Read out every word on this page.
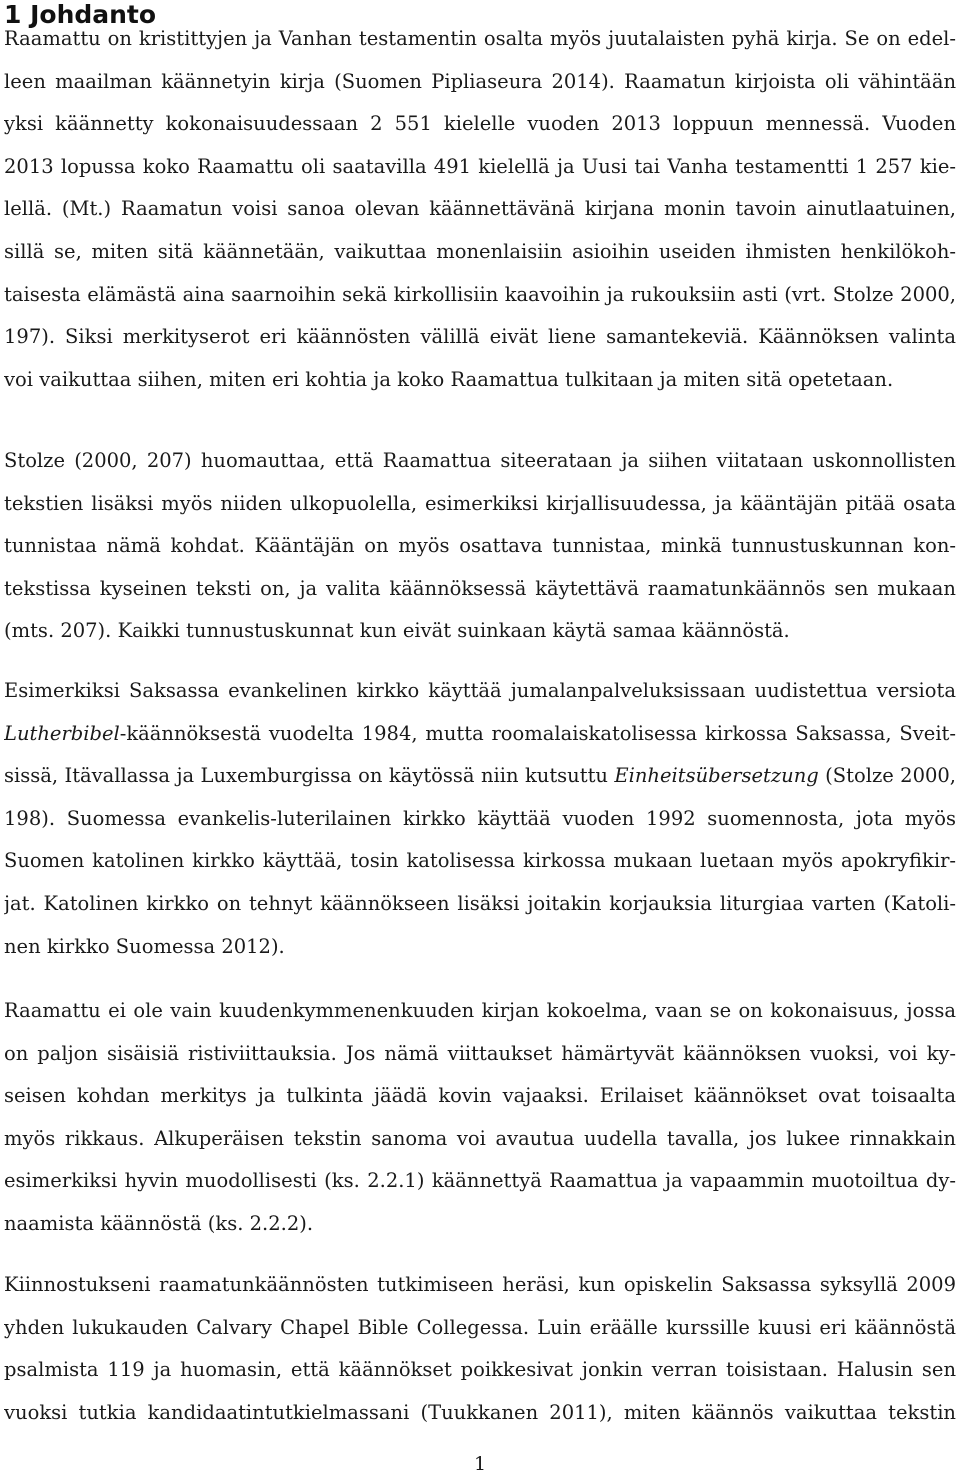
1 Johdanto
Raamattu on kristittyjen ja Vanhan testamentin osalta myös juutalaisten pyhä kirja. Se on edel-
leen maailman käännetyin kirja (Suomen Pipliaseura 2014). Raamatun kirjoista oli vähintään
yksi käännetty kokonaisuudessaan 2 551 kielelle vuoden 2013 loppuun mennessä. Vuoden
2013 lopussa koko Raamattu oli saatavilla 491 kielellä ja Uusi tai Vanha testamentti 1 257 kie-
lellä. (Mt.) Raamatun voisi sanoa olevan käännettävänä kirjana monin tavoin ainutlaatuinen,
sillä se, miten sitä käännetään, vaikuttaa monenlaisiin asioihin useiden ihmisten henkilökoh-
taisesta elämästä aina saarnoihin sekä kirkollisiin kaavoihin ja rukouksiin asti (vrt. Stolze 2000,
197). Siksi merkityserot eri käännösten välillä eivät liene samantekeviä. Käännöksen valinta
voi vaikuttaa siihen, miten eri kohtia ja koko Raamattua tulkitaan ja miten sitä opetetaan.
Stolze (2000, 207) huomauttaa, että Raamattua siteerataan ja siihen viitataan uskonnollisten
tekstien lisäksi myös niiden ulkopuolella, esimerkiksi kirjallisuudessa, ja kääntäjän pitää osata
tunnistaa nämä kohdat. Kääntäjän on myös osattava tunnistaa, minkä tunnustuskunnan kon-
tekstissa kyseinen teksti on, ja valita käännöksessä käytettävä raamatunkäännös sen mukaan
(mts. 207). Kaikki tunnustuskunnat kun eivät suinkaan käytä samaa käännöstä.
Esimerkiksi Saksassa evankelinen kirkko käyttää jumalanpalveluksissaan uudistettua versiota
Lutherbibel-käännöksestä vuodelta 1984, mutta roomalaiskatolisessa kirkossa Saksassa, Sveit-
sissä, Itävallassa ja Luxemburgissa on käytössä niin kutsuttu Einheitsübersetzung (Stolze 2000,
198). Suomessa evankelis-luterilainen kirkko käyttää vuoden 1992 suomennosta, jota myös
Suomen katolinen kirkko käyttää, tosin katolisessa kirkossa mukaan luetaan myös apokryfikir-
jat. Katolinen kirkko on tehnyt käännökseen lisäksi joitakin korjauksia liturgiaa varten (Katoli-
nen kirkko Suomessa 2012).
Raamattu ei ole vain kuudenkymmenenkuuden kirjan kokoelma, vaan se on kokonaisuus, jossa
on paljon sisäisiä ristiviittauksia. Jos nämä viittaukset hämärtyvät käännöksen vuoksi, voi ky-
seisen kohdan merkitys ja tulkinta jäädä kovin vajaaksi. Erilaiset käännökset ovat toisaalta
myös rikkaus. Alkuperäisen tekstin sanoma voi avautua uudella tavalla, jos lukee rinnakkain
esimerkiksi hyvin muodollisesti (ks. 2.2.1) käännettyä Raamattua ja vapaammin muotoiltua dy-
naamista käännöstä (ks. 2.2.2).
Kiinnostukseni raamatunkäännösten tutkimiseen heräsi, kun opiskelin Saksassa syksyllä 2009
yhden lukukauden Calvary Chapel Bible Collegessa. Luin eräälle kurssille kuusi eri käännöstä
psalmista 119 ja huomasin, että käännökset poikkesivat jonkin verran toisistaan. Halusin sen
vuoksi tutkia kandidaatintutkielmassani (Tuukkanen 2011), miten käännös vaikuttaa tekstin
1
